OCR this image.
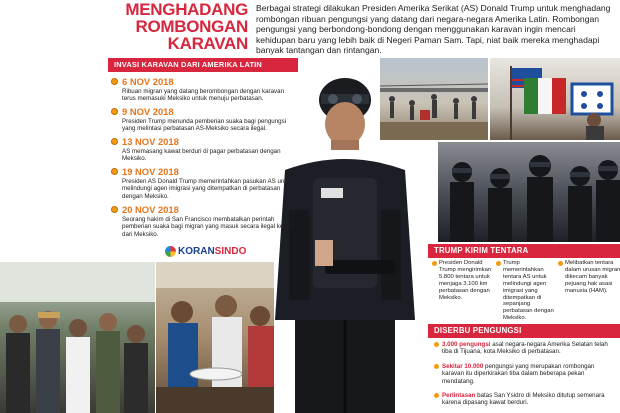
MENGHADANG
ROMBONGAN
KARAVAN
Berbagai strategi dilakukan Presiden Amerika Serikat (AS) Donald Trump untuk menghadang rombongan ribuan pengungsi yang datang dari negara-negara Amerika Latin. Rombongan pengungsi yang berbondong-bondong dengan menggunakan karavan ingin mencari kehidupan baru yang lebih baik di Negeri Paman Sam. Tapi, niat baik mereka menghadapi banyak tantangan dan rintangan.
INVASI KARAVAN DARI AMERIKA LATIN
6 NOV 2018
Ribuan migran yang datang berombongan dengan karavan terus memasuki Meksiko untuk menuju perbatasan.
9 NOV 2018
Presiden Trump menunda pemberian suaka bagi pengungsi yang melintasi perbatasan AS-Meksiko secara ilegal.
13 NOV 2018
AS memasang kawat berduri di pagar perbatasan dengan Meksiko.
19 NOV 2018
Presiden AS Donald Trump memerintahkan pasukan AS untuk melindungi agen imigrasi yang ditempatkan di perbatasan dengan Meksiko.
20 NOV 2018
Seorang hakim di San Francisco membatalkan perintah pemberian suaka bagi migran yang masuk secara ilegal ke AS dari Meksiko.
KORAN SINDO	TRUMP KIRIM TENTARA
Presiden Donald Trump mengirimkan 5.800 tentara untuk menjaga 3.100 km perbatasan dengan Meksiko.
Trump memerintahkan tentara AS untuk melindungi agen imigrasi yang ditempatkan di sepanjang perbatasan dengan Meksiko.
Melibatkan tentara dalam urusan migran dikecam banyak pejuang hak asasi manusia (HAM).
DISERBU PENGUNGSI
3.000 pengungsi asal negara-negara Amerika Selatan telah tiba di Tijuana, kota Meksiko di perbatasan.
Sekitar 10.000 pengungsi yang merupakan rombongan karavan itu diperkirakan tiba dalam beberapa pekan mendatang.
Perlintasan batas San Ysidro di Meksiko ditutup semenara karena dipasang kawat berduri.
